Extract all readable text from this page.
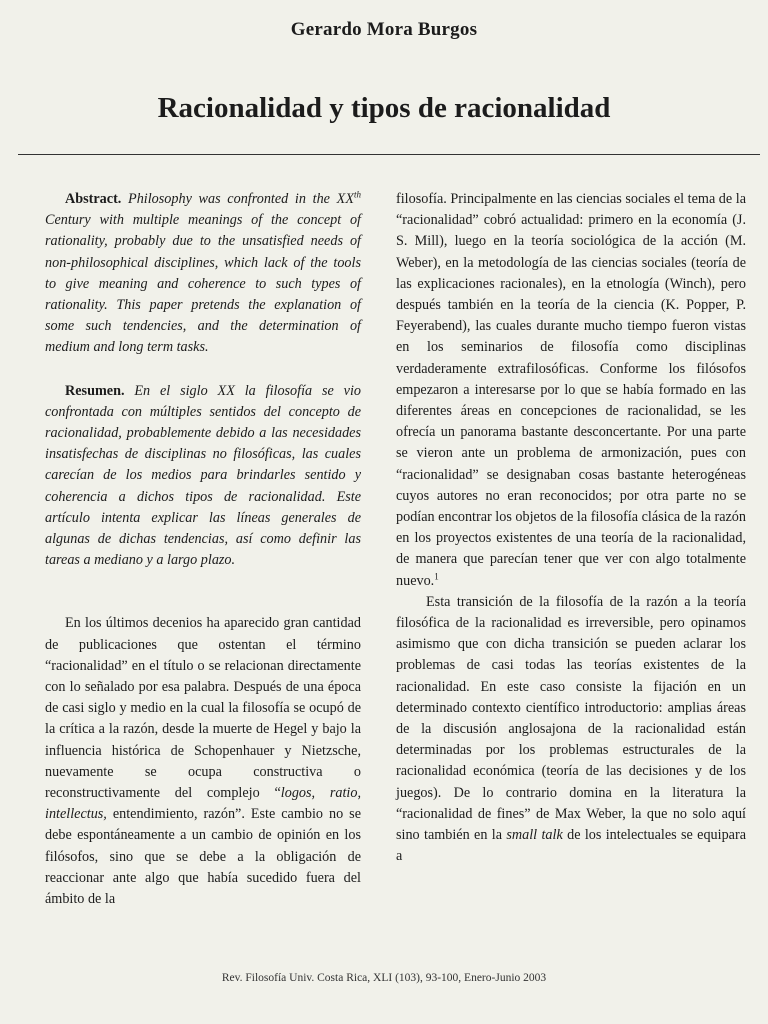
Gerardo Mora Burgos
Racionalidad y tipos de racionalidad

Abstract. Philosophy was confronted in the XXth Century with multiple meanings of the concept of rationality, probably due to the unsatisfied needs of non-philosophical disciplines, which lack of the tools to give meaning and coherence to such types of rationality. This paper pretends the explanation of some such tendencies, and the determination of medium and long term tasks.

Resumen. En el siglo XX la filosofía se vio confrontada con múltiples sentidos del concepto de racionalidad, probablemente debido a las necesidades insatisfechas de disciplinas no filosóficas, las cuales carecían de los medios para brindarles sentido y coherencia a dichos tipos de racionalidad. Este artículo intenta explicar las líneas generales de algunas de dichas tendencias, así como definir las tareas a mediano y a largo plazo.

En los últimos decenios ha aparecido gran cantidad de publicaciones que ostentan el término “racionalidad” en el título o se relacionan directamente con lo señalado por esa palabra. Después de una época de casi siglo y medio en la cual la filosofía se ocupó de la crítica a la razón, desde la muerte de Hegel y bajo la influencia histórica de Schopenhauer y Nietzsche, nuevamente se ocupa constructiva o reconstructivamente del complejo “logos, ratio, intellectus, entendimiento, razón”. Este cambio no se debe espontáneamente a un cambio de opinión en los filósofos, sino que se debe a la obligación de reaccionar ante algo que había sucedido fuera del ámbito de la

filosofía. Principalmente en las ciencias sociales el tema de la “racionalidad” cobró actualidad: primero en la economía (J. S. Mill), luego en la teoría sociológica de la acción (M. Weber), en la metodología de las ciencias sociales (teoría de las explicaciones racionales), en la etnología (Winch), pero después también en la teoría de la ciencia (K. Popper, P. Feyerabend), las cuales durante mucho tiempo fueron vistas en los seminarios de filosofía como disciplinas verdaderamente extrafilosóficas. Conforme los filósofos empezaron a interesarse por lo que se había formado en las diferentes áreas en concepciones de racionalidad, se les ofrecía un panorama bastante desconcertante. Por una parte se vieron ante un problema de armonización, pues con “racionalidad” se designaban cosas bastante heterogéneas cuyos autores no eran reconocidos; por otra parte no se podían encontrar los objetos de la filosofía clásica de la razón en los proyectos existentes de una teoría de la racionalidad, de manera que parecían tener que ver con algo totalmente nuevo.$^1$

Esta transición de la filosofía de la razón a la teoría filosófica de la racionalidad es irreversible, pero opinamos asimismo que con dicha transición se pueden aclarar los problemas de casi todas las teorías existentes de la racionalidad. En este caso consiste la fijación en un determinado contexto científico introductorio: amplias áreas de la discusión anglosajona de la racionalidad están determinadas por los problemas estructurales de la racionalidad económica (teoría de las decisiones y de los juegos). De lo contrario domina en la literatura la “racionalidad de fines” de Max Weber, la que no solo aquí sino también en la small talk de los intelectuales se equipara a

Rev. Filosofía Univ. Costa Rica, XLI (103), 93-100, Enero-Junio 2003
